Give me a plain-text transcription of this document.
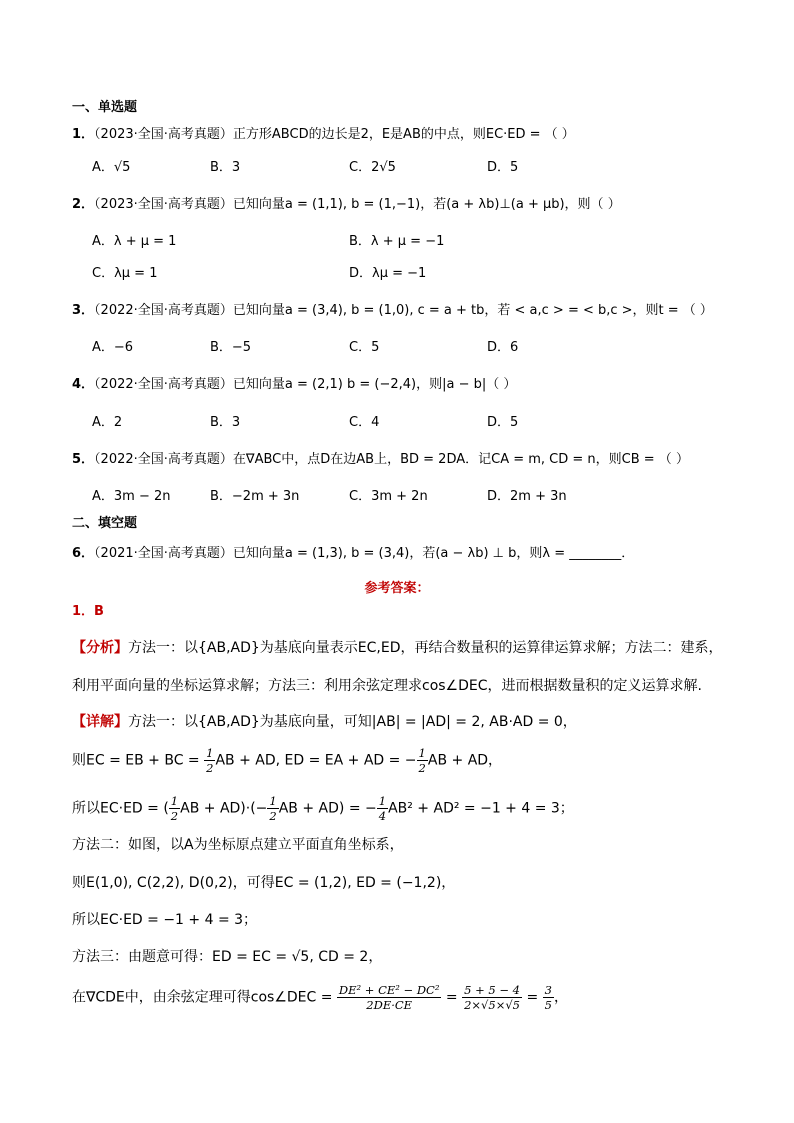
一、单选题
1．（2023·全国·高考真题）正方形ABCD的边长是2，E是AB的中点，则EC·ED = （ ）
A．√5	B．3	C．2√5	D．5
2．（2023·全国·高考真题）已知向量a = (1,1), b = (1,−1)，若(a + λb)⊥(a + μb)，则（ ）
A．λ + μ = 1	B．λ + μ = −1
C．λμ = 1	D．λμ = −1
3．（2022·全国·高考真题）已知向量a = (3,4), b = (1,0), c = a + tb，若 < a,c > = < b,c >，则t = （ ）
A．−6	B．−5	C．5	D．6
4．（2022·全国·高考真题）已知向量a = (2,1) b = (−2,4)，则|a − b|（ ）
A．2	B．3	C．4	D．5
5．（2022·全国·高考真题）在∇ABC中，点D在边AB上，BD = 2DA．记CA = m, CD = n，则CB = （ ）
A．3m − 2n	B．−2m + 3n	C．3m + 2n	D．2m + 3n
二、填空题
6．（2021·全国·高考真题）已知向量a = (1,3), b = (3,4)，若(a − λb) ⊥ b，则λ = ________．
参考答案：
1．B
【分析】方法一：以{AB,AD}为基底向量表示EC,ED，再结合数量积的运算律运算求解；方法二：建系，
利用平面向量的坐标运算求解；方法三：利用余弦定理求cos∠DEC，进而根据数量积的定义运算求解.
【详解】方法一：以{AB,AD}为基底向量，可知|AB| = |AD| = 2, AB·AD = 0，
则EC = EB + BC = $\frac{1}{2}$ AB + AD, ED = EA + AD = − $\frac{1}{2}$ AB + AD，
所以EC·ED = ( $\frac{1}{2}$ AB + $AD)\cdot(- \frac{1}{2}$ AB + AD) = − $\frac{1}{4} AB^2 + AD^2 = -1 + 4 = 3$；
方法二：如图，以A为坐标原点建立平面直角坐标系，
则E(1,0), C(2,2), D(0,2)，可得EC = (1,2), ED = (−1,2)，
所以EC·ED = −1 + 4 = 3；
方法三：由题意可得：ED = EC = √5, CD = 2，
在∇CDE中，由余弦定理可得cos∠DEC = $\frac{\text{DE² + CE² − DC²}}{2DE\cdot CE} = \frac{5 + 5 - 4}{2\times√5\times√5} = \frac{3}{5}$ ，
